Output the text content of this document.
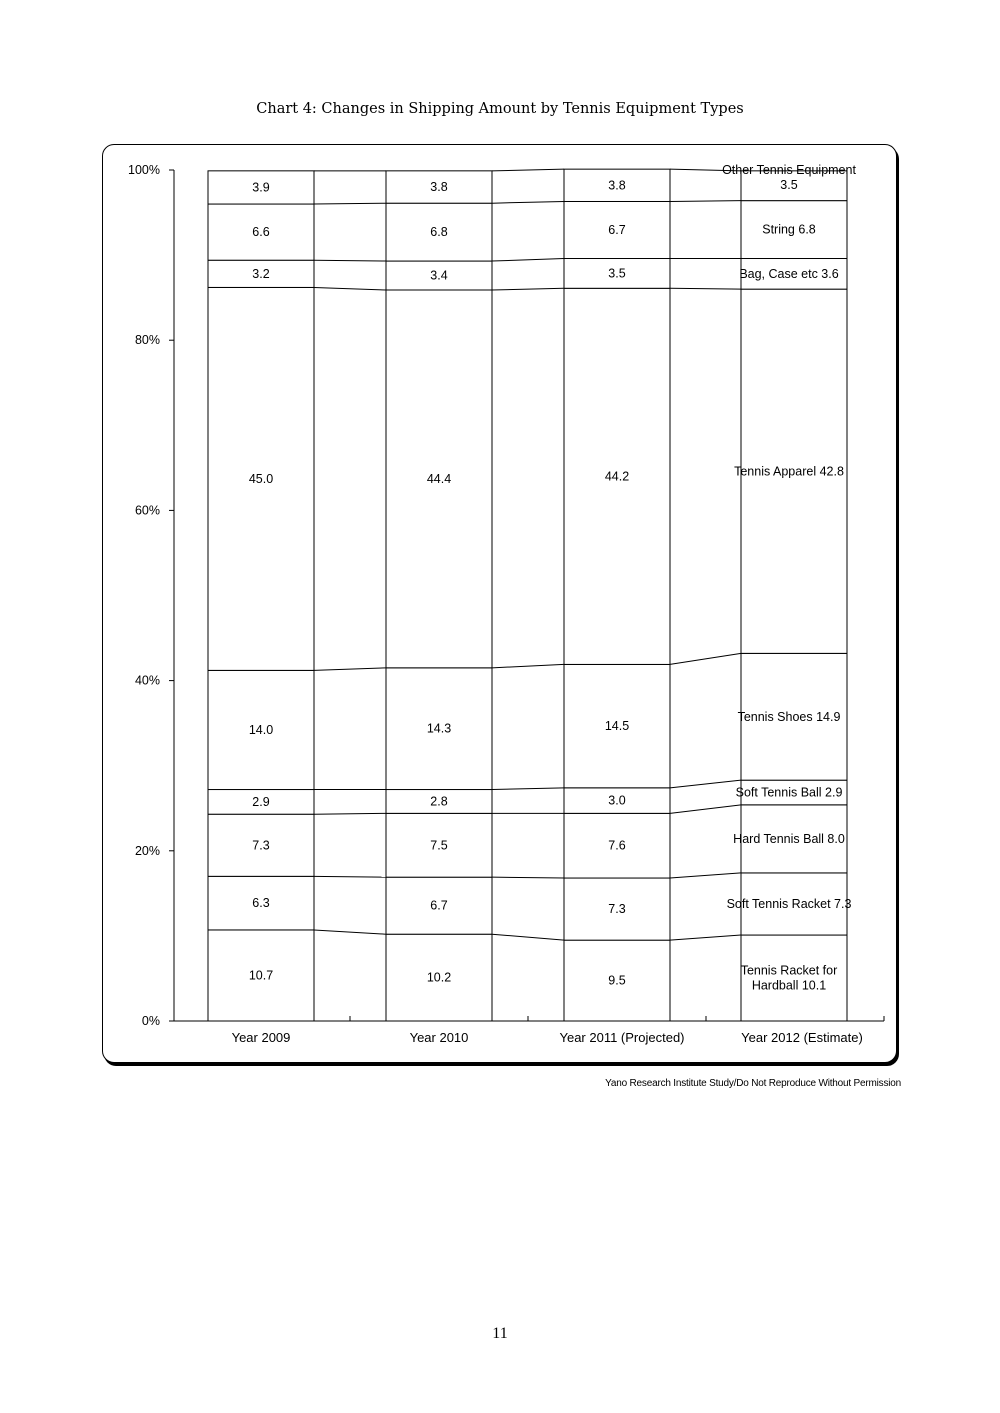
Chart 4: Changes in Shipping Amount by Tennis Equipment Types
0%
20%
40%
60%
80%
100%
10.7
6.3
7.3
2.9
14.0
45.0
3.2
6.6
3.9
10.2
6.7
7.5
2.8
14.3
44.4
3.4
6.8
3.8
9.5
7.3
7.6
3.0
14.5
44.2
3.5
6.7
3.8
Tennis Racket for
Hardball 10.1
Soft Tennis Racket 7.3
Hard Tennis Ball 8.0
Soft Tennis Ball 2.9
Tennis Shoes 14.9
Tennis Apparel 42.8
Bag, Case etc 3.6
String 6.8
Other Tennis Equipment
3.5
Year 2009	Year 2010	Year 2011 (Projected)	Year 2012 (Estimate)
Yano Research Institute Study/Do Not Reproduce Without Permission
11
